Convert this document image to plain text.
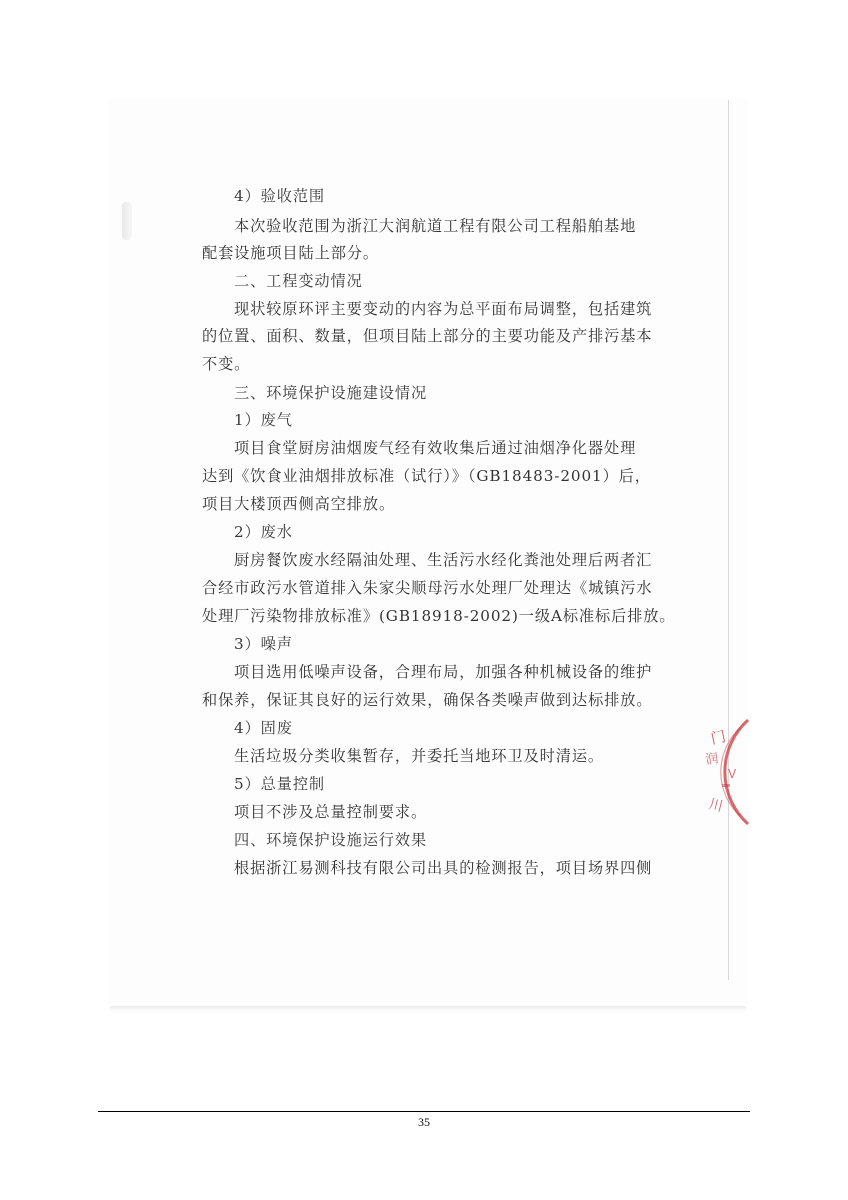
4）验收范围
本次验收范围为浙江大润航道工程有限公司工程船舶基地
配套设施项目陆上部分。
二、工程变动情况
现状较原环评主要变动的内容为总平面布局调整，包括建筑
的位置、面积、数量，但项目陆上部分的主要功能及产排污基本
不变。
三、环境保护设施建设情况
1）废气
项目食堂厨房油烟废气经有效收集后通过油烟净化器处理
达到《饮食业油烟排放标准（试行）》（GB18483-2001）后，
项目大楼顶西侧高空排放。
2）废水
厨房餐饮废水经隔油处理、生活污水经化粪池处理后两者汇
合经市政污水管道排入朱家尖顺母污水处理厂处理达《城镇污水
处理厂污染物排放标准》(GB18918-2002)一级A标准标后排放。
3）噪声
项目选用低噪声设备，合理布局，加强各种机械设备的维护
和保养，保证其良好的运行效果，确保各类噪声做到达标排放。
4）固废
生活垃圾分类收集暂存，并委托当地环卫及时清运。
5）总量控制
项目不涉及总量控制要求。
四、环境保护设施运行效果
根据浙江易测科技有限公司出具的检测报告，项目场界四侧
门
润
V
川
35
